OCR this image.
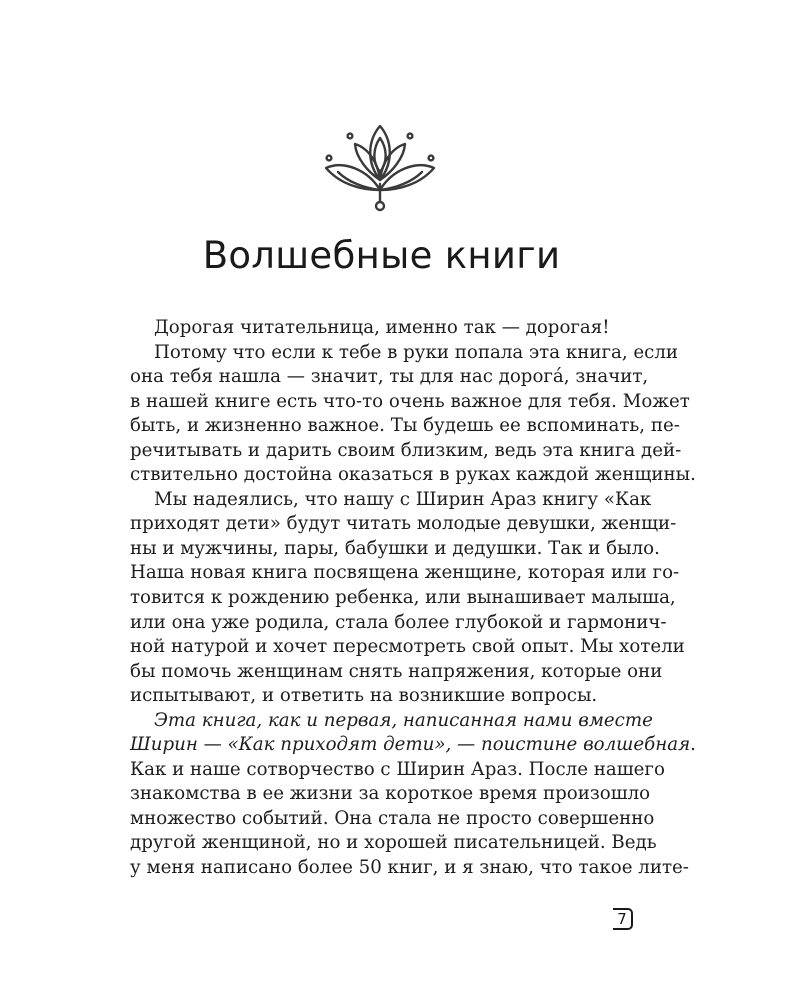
Волшебные книги
Дорогая читательница, именно так — дорогая!
Потому что если к тебе в руки попала эта книга, если
она тебя нашла — значит, ты для нас дорога́, значит,
в нашей книге есть что-то очень важное для тебя. Может
быть, и жизненно важное. Ты будешь ее вспоминать, пе-
речитывать и дарить своим близким, ведь эта книга дей-
ствительно достойна оказаться в руках каждой женщины.
Мы надеялись, что нашу с Ширин Араз книгу «Как
приходят дети» будут читать молодые девушки, женщи-
ны и мужчины, пары, бабушки и дедушки. Так и было.
Наша новая книга посвящена женщине, которая или го-
товится к рождению ребенка, или вынашивает малыша,
или она уже родила, стала более глубокой и гармонич-
ной натурой и хочет пересмотреть свой опыт. Мы хотели
бы помочь женщинам снять напряжения, которые они
испытывают, и ответить на возникшие вопросы.
Эта книга, как и первая, написанная нами вместе
Ширин — «Как приходят дети», — поистине волшебная.
Как и наше сотворчество с Ширин Араз. После нашего
знакомства в ее жизни за короткое время произошло
множество событий. Она стала не просто совершенно
другой женщиной, но и хорошей писательницей. Ведь
у меня написано более 50 книг, и я знаю, что такое лите-
7
